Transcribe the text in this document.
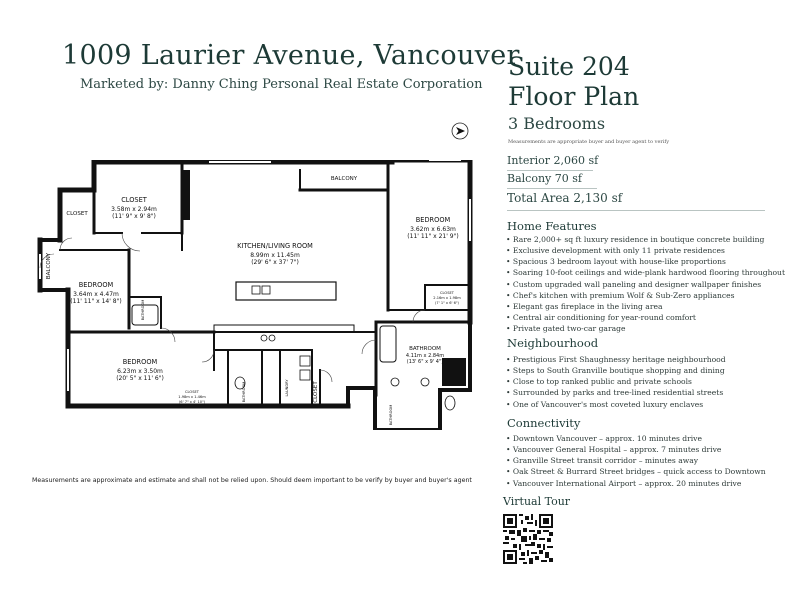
1009 Laurier Avenue, Vancouver
Marketed by: Danny Ching Personal Real Estate Corporation
Suite 204
Floor Plan
3 Bedrooms
Measurements are appropriate buyer and buyer agent to verify
Interior 2,060 sf
Balcony 70 sf
Total Area 2,130 sf
Home Features
• Rare 2,000+ sq ft luxury residence in boutique concrete building
• Exclusive development with only 11 private residences
• Spacious 3 bedroom layout with house-like proportions
• Soaring 10-foot ceilings and wide-plank hardwood flooring throughout
• Custom upgraded wall paneling and designer wallpaper finishes
• Chef's kitchen with premium Wolf & Sub-Zero appliances
• Elegant gas fireplace in the living area
• Central air conditioning for year-round comfort
• Private gated two-car garage
Neighbourhood
• Prestigious First Shaughnessy heritage neighbourhood
• Steps to South Granville boutique shopping and dining
• Close to top ranked public and private schools
• Surrounded by parks and tree-lined residential streets
• One of Vancouver's most coveted luxury enclaves
Connectivity
• Downtown Vancouver – approx. 10 minutes drive
• Vancouver General Hospital – approx. 7 minutes drive
• Granville Street transit corridor – minutes away
• Oak Street & Burrard Street bridges – quick access to Downtown
• Vancouver International Airport – approx. 20 minutes drive
Virtual Tour
Measurements are approximate and estimate and shall not be relied upon. Should deem important to be verify by buyer and buyer's agent
CLOSET
3.58m x 2.94m
(11' 9" x 9' 8")
CLOSET
BALCONY
BALCONY
BEDROOM
3.64m x 4.47m
(11' 11" x 14' 8")
KITCHEN/LIVING ROOM
8.99m x 11.45m
(29' 6" x 37' 7")
BEDROOM
3.62m x 6.63m
(11' 11" x 21' 9")
CLOSET
2.16m x 1.98m
(7' 1" x 6' 6")
BATHROOM
4.11m x 2.84m
(13' 6" x 9' 4")
BEDROOM
6.23m x 3.50m
(20' 5" x 11' 6")
CLOSET
1.98m x 1.46m
(6' 7" x 4' 10")	CLOSET
BATHROOM	LAUNDRY
BATHROOM
BATHROOM
